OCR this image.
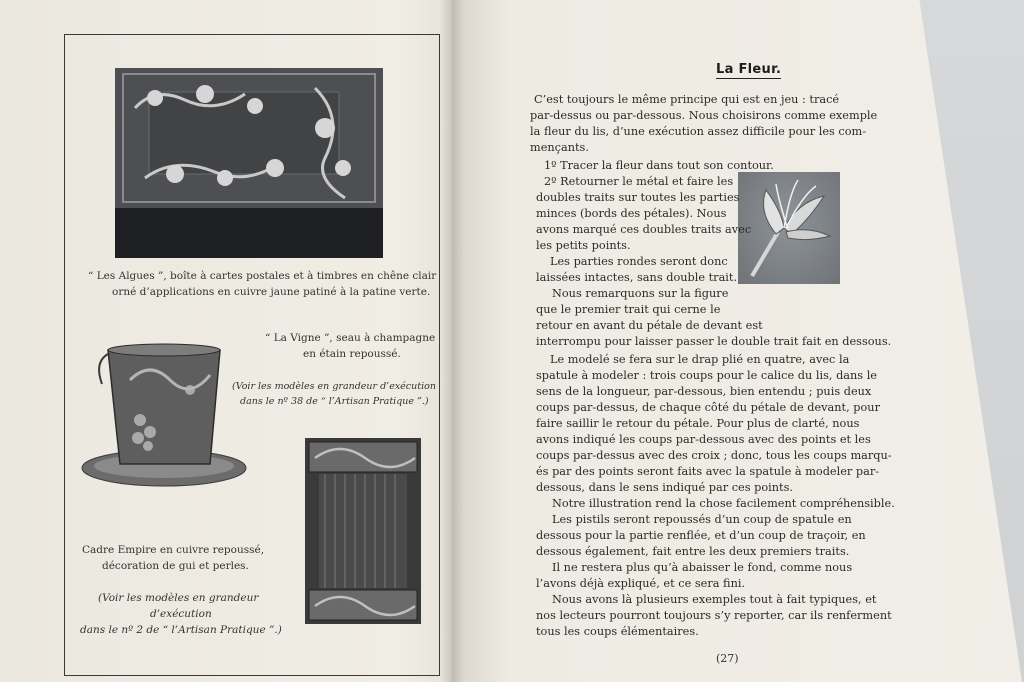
“ Les Algues ”, boîte à cartes postales et à timbres en chêne clair
orné d’applications en cuivre jaune patiné à la patine verte.
“ La Vigne ”, seau à champagne
en étain repoussé.
(Voir les modèles en grandeur d’exécution
dans le nº 38 de “ l’Artisan Pratique ”.)
Cadre Empire en cuivre repoussé,
décoration de gui et perles.
(Voir les modèles en grandeur
d’exécution
dans le nº 2 de “ l’Artisan Pratique ”.)
La Fleur.
C’est toujours le même principe qui est en jeu : tracé
par-dessus ou par-dessous. Nous choisirons comme exemple
la fleur du lis, d’une exécution assez difficile pour les com-
mençants.
1º Tracer la fleur dans tout son contour.
2º Retourner le métal et faire les
doubles traits sur toutes les parties
minces (bords des pétales). Nous
avons marqué ces doubles traits avec
les petits points.
Les parties rondes seront donc
laissées intactes, sans double trait.
Nous remarquons sur la figure
que le premier trait qui cerne le
retour en avant du pétale de devant est
interrompu pour laisser passer le double trait fait en dessous.
Le modelé se fera sur le drap plié en quatre, avec la
spatule à modeler : trois coups pour le calice du lis, dans le
sens de la longueur, par-dessous, bien entendu ; puis deux
coups par-dessus, de chaque côté du pétale de devant, pour
faire saillir le retour du pétale. Pour plus de clarté, nous
avons indiqué les coups par-dessous avec des points et les
coups par-dessus avec des croix ; donc, tous les coups marqu-
és par des points seront faits avec la spatule à modeler par-
dessous, dans le sens indiqué par ces points.
Notre illustration rend la chose facilement compréhensible.
Les pistils seront repoussés d’un coup de spatule en
dessous pour la partie renflée, et d’un coup de traçoir, en
dessous également, fait entre les deux premiers traits.
Il ne restera plus qu’à abaisser le fond, comme nous
l’avons déjà expliqué, et ce sera fini.
Nous avons là plusieurs exemples tout à fait typiques, et
nos lecteurs pourront toujours s’y reporter, car ils renferment
tous les coups élémentaires.
(27)
